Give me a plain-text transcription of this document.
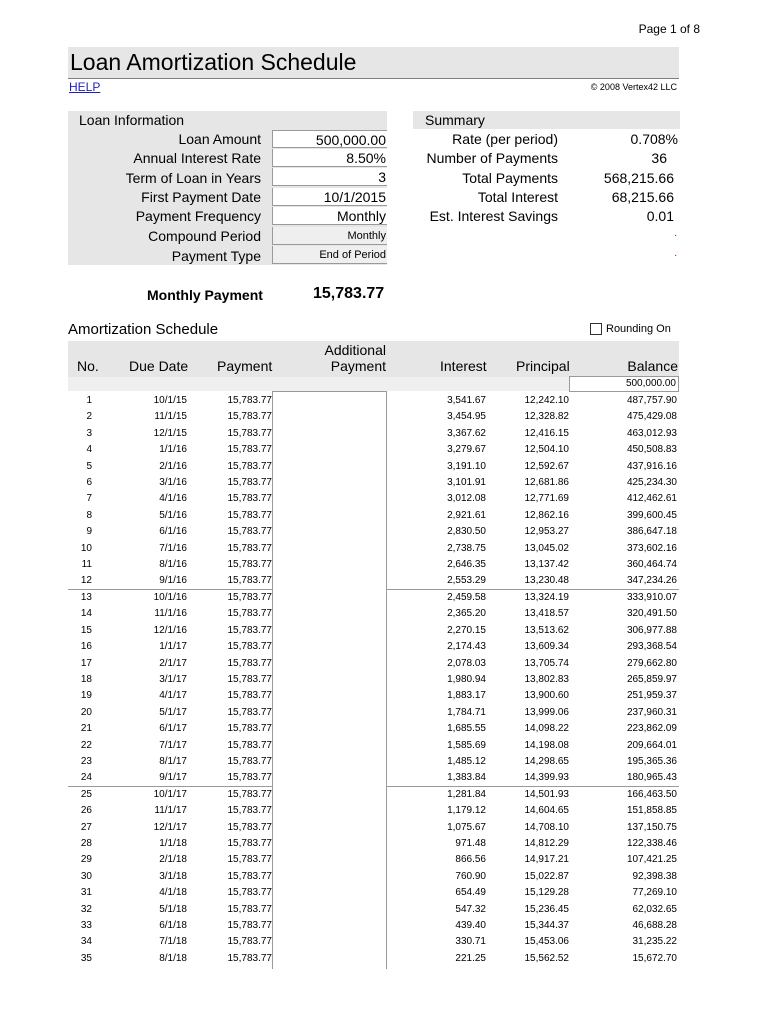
Page 1 of 8
Loan Amortization Schedule
HELP	© 2008 Vertex42 LLC
Loan Information
Loan Amount	500,000.00
Annual Interest Rate	8.50%
Term of Loan in Years	3
First Payment Date	10/1/2015
Payment Frequency	Monthly
Compound Period	Monthly
Payment Type	End of Period
Summary
Rate (per period)	0.708%
Number of Payments	36
Total Payments	568,215.66
Total Interest	68,215.66
Est. Interest Savings	0.01
.
.
Monthly Payment	15,783.77
Amortization Schedule	Rounding On
No. Due Date Payment
Additional
Payment	Interest Principal	Balance
500,000.00
1	10/1/15	15,783.77	3,541.67	12,242.10	487,757.90
2	11/1/15	15,783.77	3,454.95	12,328.82	475,429.08
3	12/1/15	15,783.77	3,367.62	12,416.15	463,012.93
4	1/1/16	15,783.77	3,279.67	12,504.10	450,508.83
5	2/1/16	15,783.77	3,191.10	12,592.67	437,916.16
6	3/1/16	15,783.77	3,101.91	12,681.86	425,234.30
7	4/1/16	15,783.77	3,012.08	12,771.69	412,462.61
8	5/1/16	15,783.77	2,921.61	12,862.16	399,600.45
9	6/1/16	15,783.77	2,830.50	12,953.27	386,647.18
10	7/1/16	15,783.77	2,738.75	13,045.02	373,602.16
11	8/1/16	15,783.77	2,646.35	13,137.42	360,464.74
12	9/1/16	15,783.77	2,553.29	13,230.48	347,234.26
13	10/1/16	15,783.77	2,459.58	13,324.19	333,910.07
14	11/1/16	15,783.77	2,365.20	13,418.57	320,491.50
15	12/1/16	15,783.77	2,270.15	13,513.62	306,977.88
16	1/1/17	15,783.77	2,174.43	13,609.34	293,368.54
17	2/1/17	15,783.77	2,078.03	13,705.74	279,662.80
18	3/1/17	15,783.77	1,980.94	13,802.83	265,859.97
19	4/1/17	15,783.77	1,883.17	13,900.60	251,959.37
20	5/1/17	15,783.77	1,784.71	13,999.06	237,960.31
21	6/1/17	15,783.77	1,685.55	14,098.22	223,862.09
22	7/1/17	15,783.77	1,585.69	14,198.08	209,664.01
23	8/1/17	15,783.77	1,485.12	14,298.65	195,365.36
24	9/1/17	15,783.77	1,383.84	14,399.93	180,965.43
25	10/1/17	15,783.77	1,281.84	14,501.93	166,463.50
26	11/1/17	15,783.77	1,179.12	14,604.65	151,858.85
27	12/1/17	15,783.77	1,075.67	14,708.10	137,150.75
28	1/1/18	15,783.77	971.48	14,812.29	122,338.46
29	2/1/18	15,783.77	866.56	14,917.21	107,421.25
30	3/1/18	15,783.77	760.90	15,022.87	92,398.38
31	4/1/18	15,783.77	654.49	15,129.28	77,269.10
32	5/1/18	15,783.77	547.32	15,236.45	62,032.65
33	6/1/18	15,783.77	439.40	15,344.37	46,688.28
34	7/1/18	15,783.77	330.71	15,453.06	31,235.22
35	8/1/18	15,783.77	221.25	15,562.52	15,672.70
